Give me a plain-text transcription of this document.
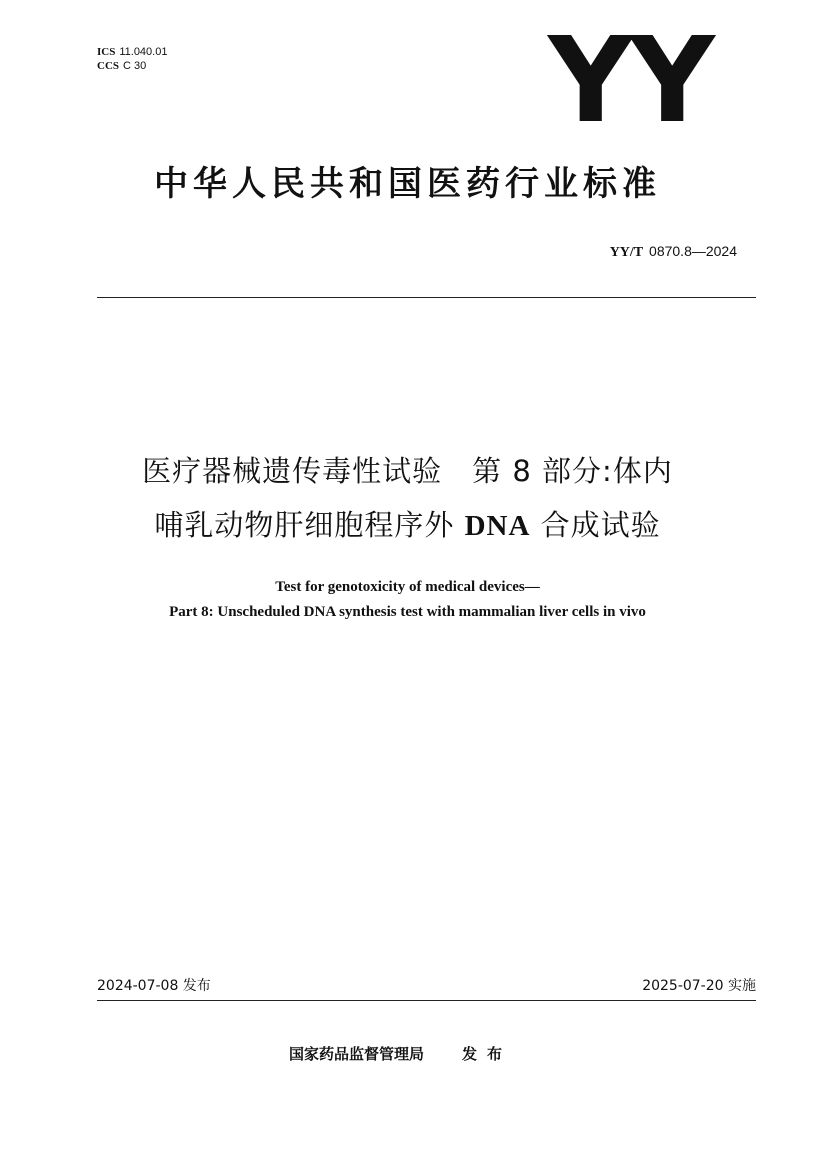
ICS 11.040.01
CCS C 30	YY
中华人民共和国医药行业标准
YY/T 0870.8—2024
医疗器械遗传毒性试验　第 8 部分:体内
哺乳动物肝细胞程序外 DNA 合成试验
Test for genotoxicity of medical devices—
Part 8: Unscheduled DNA synthesis test with mammalian liver cells in vivo
2024-07-08 发布	2025-07-20 实施
国家药品监督管理局	发布
